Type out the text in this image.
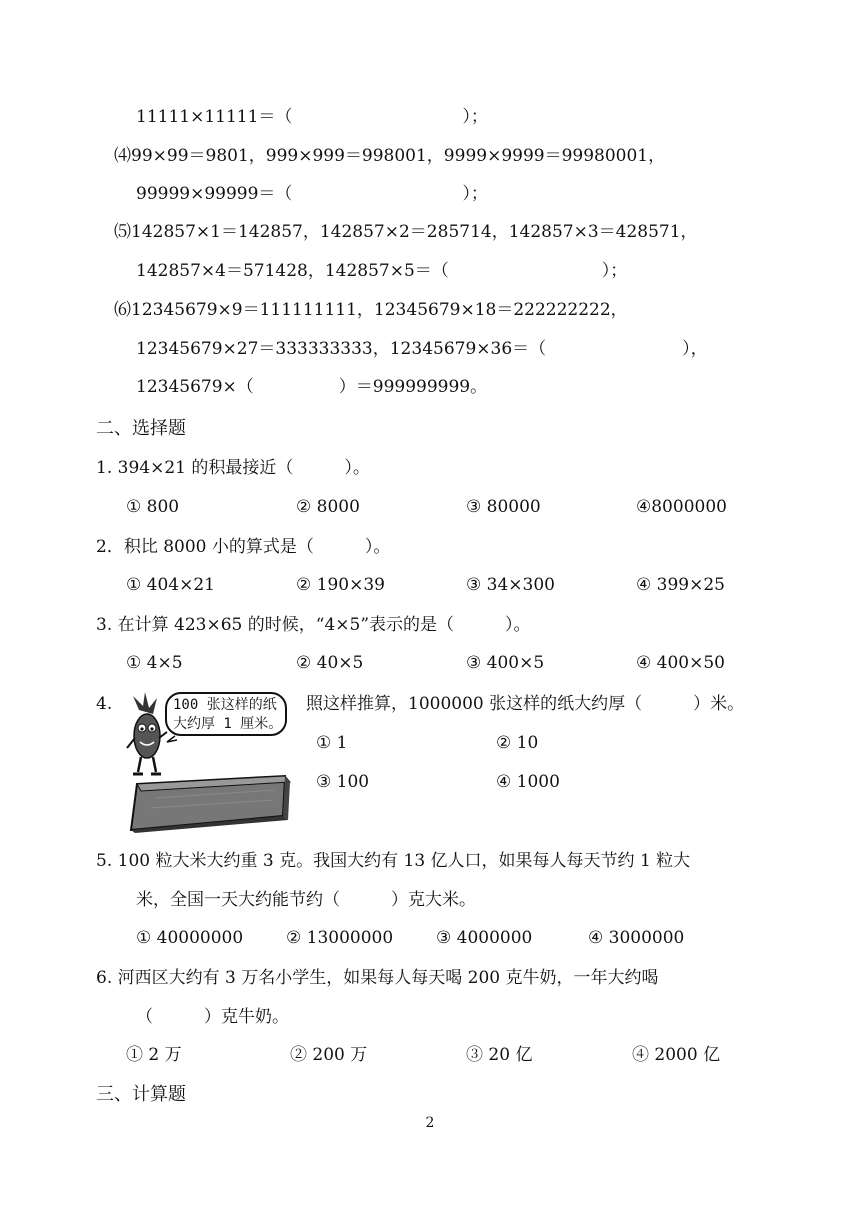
11111×11111＝（　　　　　　　　　　）；
⑷99×99＝9801，999×999＝998001，9999×9999＝99980001，
99999×99999＝（　　　　　　　　　　）；
⑸142857×1＝142857，142857×2＝285714，142857×3＝428571，
142857×4＝571428，142857×5＝（　　　　　　　　　）；
⑹12345679×9＝111111111，12345679×18＝222222222，
12345679×27＝333333333，12345679×36＝（　　　　　　　　），
12345679×（　　　　　）＝999999999。
二、选择题
1. 394×21 的积最接近（　　　）。
① 800	② 8000	③ 80000	④8000000
2．积比 8000 小的算式是（　　　）。
① 404×21	② 190×39	③ 34×300	④ 399×25
3. 在计算 423×65 的时候，“4×5”表示的是（　　　）。
① 4×5	② 40×5	③ 400×5	④ 400×50
4.	100 张这样的纸
大约厚 1 厘米。
照这样推算，1000000 张这样的纸大约厚（　　　）米。
① 1	② 10
③ 100	④ 1000
5. 100 粒大米大约重 3 克。我国大约有 13 亿人口，如果每人每天节约 1 粒大
米，全国一天大约能节约（　　　）克大米。
① 40000000	② 13000000	③ 4000000	④ 3000000
6. 河西区大约有 3 万名小学生，如果每人每天喝 200 克牛奶，一年大约喝
（　　　）克牛奶。
① 2 万	② 200 万	③ 20 亿	④ 2000 亿
三、计算题
2
